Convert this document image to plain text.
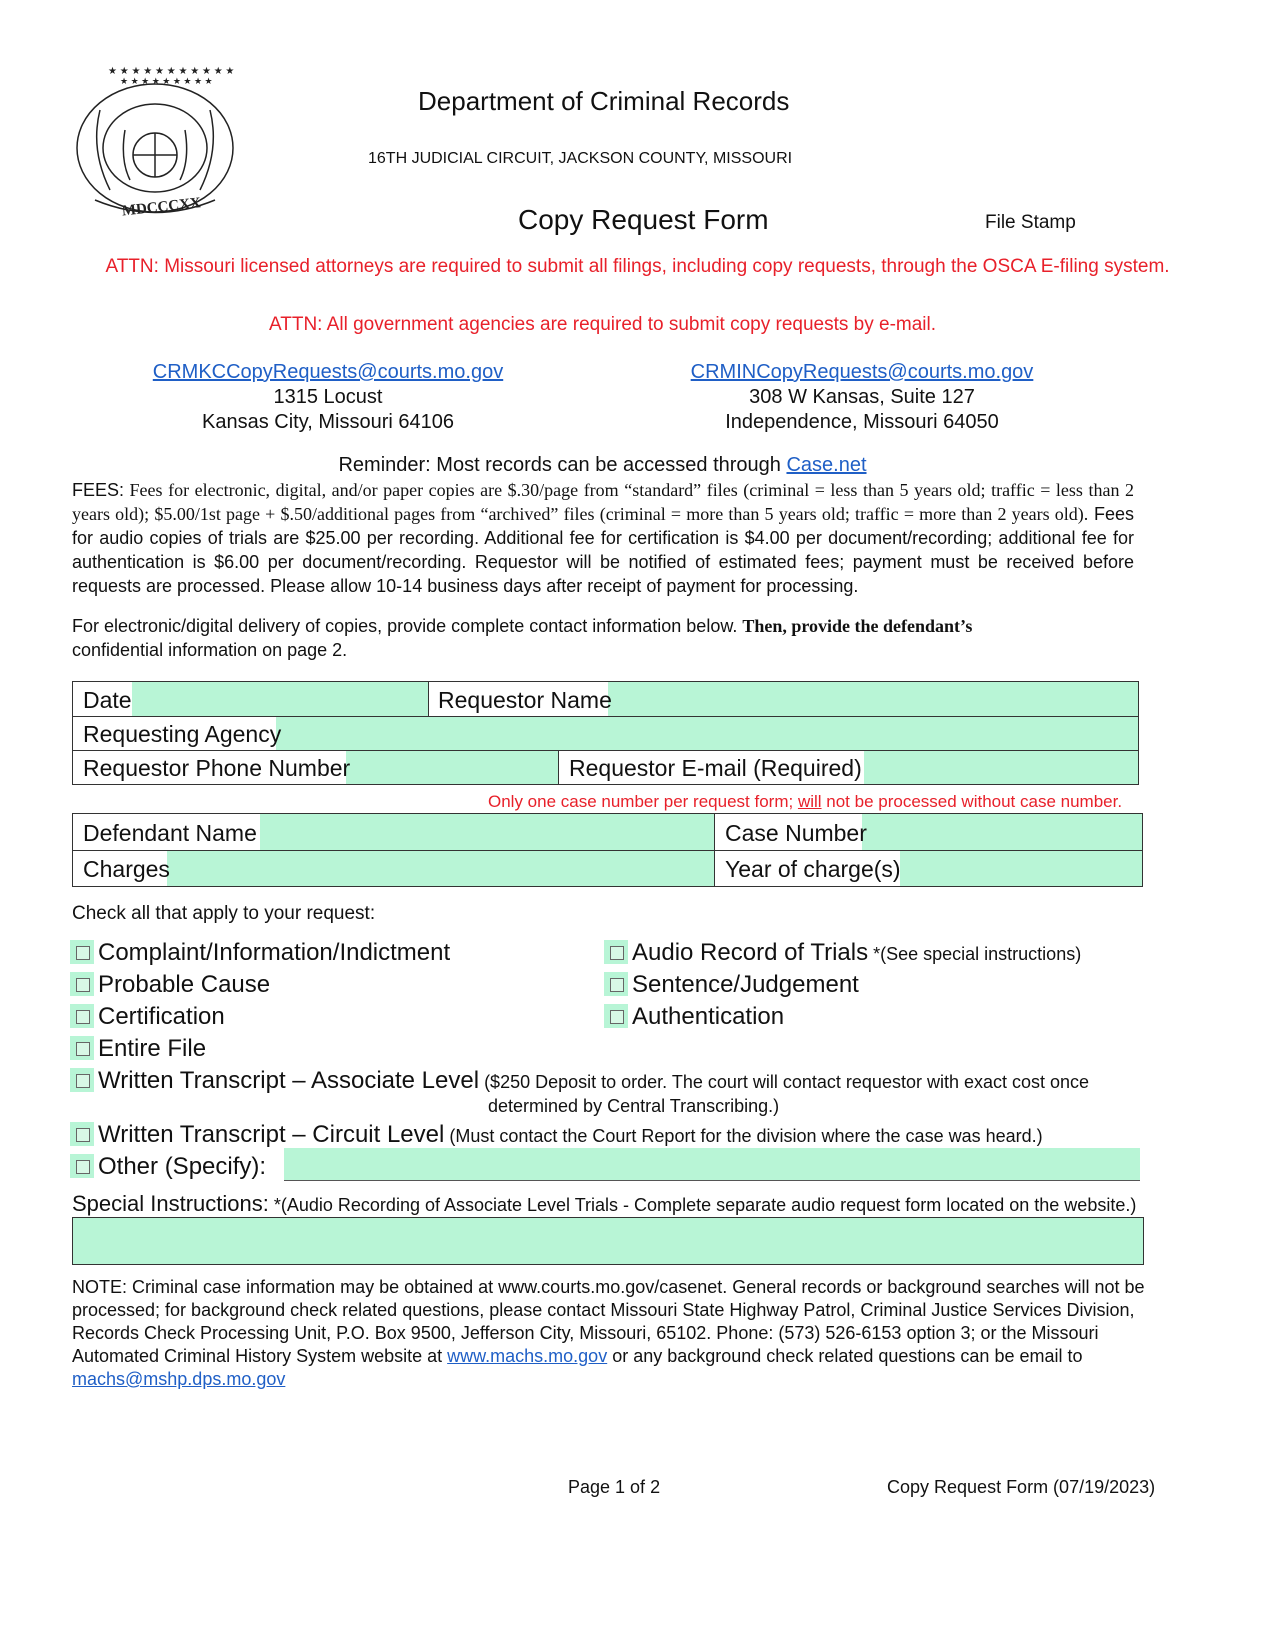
★ ★ ★ ★ ★ ★ ★ ★ ★ ★ ★
★ ★ ★ ★ ★ ★ ★ ★ ★
MDCCCXX
Department of Criminal Records
16TH JUDICIAL CIRCUIT, JACKSON COUNTY, MISSOURI
Copy Request Form	File Stamp
ATTN: Missouri licensed attorneys are required to submit all filings, including copy requests, through the OSCA E-filing system.
ATTN: All government agencies are required to submit copy requests by e-mail.
CRMKCCopyRequests@courts.mo.gov
1315 Locust
Kansas City, Missouri 64106
CRMINCopyRequests@courts.mo.gov
308 W Kansas, Suite 127
Independence, Missouri 64050
Reminder: Most records can be accessed through Case.net
FEES: Fees for electronic, digital, and/or paper copies are $.30/page from “standard” files (criminal = less than 5 years old; traffic = less than 2 years old); $5.00/1st page + $.50/additional pages from “archived” files (criminal = more than 5 years old; traffic = more than 2 years old). Fees for audio copies of trials are $25.00 per recording. Additional fee for certification is $4.00 per document/recording; additional fee for authentication is $6.00 per document/recording. Requestor will be notified of estimated fees; payment must be received before requests are processed. Please allow 10-14 business days after receipt of payment for processing.
For electronic/digital delivery of copies, provide complete contact information below. Then, provide the defendant’s
confidential information on page 2.
Date	Requestor Name
Requesting Agency
Requestor Phone Number	Requestor E-mail (Required)
Only one case number per request form; will not be processed without case number.
Defendant Name	Case Number
Charges	Year of charge(s)
Check all that apply to your request:
Complaint/Information/Indictment	Audio Record of Trials *(See special instructions)
Probable Cause	Sentence/Judgement
Certification	Authentication
Entire File
Written Transcript – Associate Level ($250 Deposit to order. The court will contact requestor with exact cost once
determined by Central Transcribing.)
Written Transcript – Circuit Level (Must contact the Court Report for the division where the case was heard.)
Other (Specify):
Special Instructions: *(Audio Recording of Associate Level Trials - Complete separate audio request form located on the website.)
NOTE: Criminal case information may be obtained at www.courts.mo.gov/casenet. General records or background searches will not be processed; for background check related questions, please contact Missouri State Highway Patrol, Criminal Justice Services Division, Records Check Processing Unit, P.O. Box 9500, Jefferson City, Missouri, 65102. Phone: (573) 526-6153 option 3; or the Missouri Automated Criminal History System website at www.machs.mo.gov or any background check related questions can be email to
machs@mshp.dps.mo.gov
Page 1 of 2	Copy Request Form (07/19/2023)
